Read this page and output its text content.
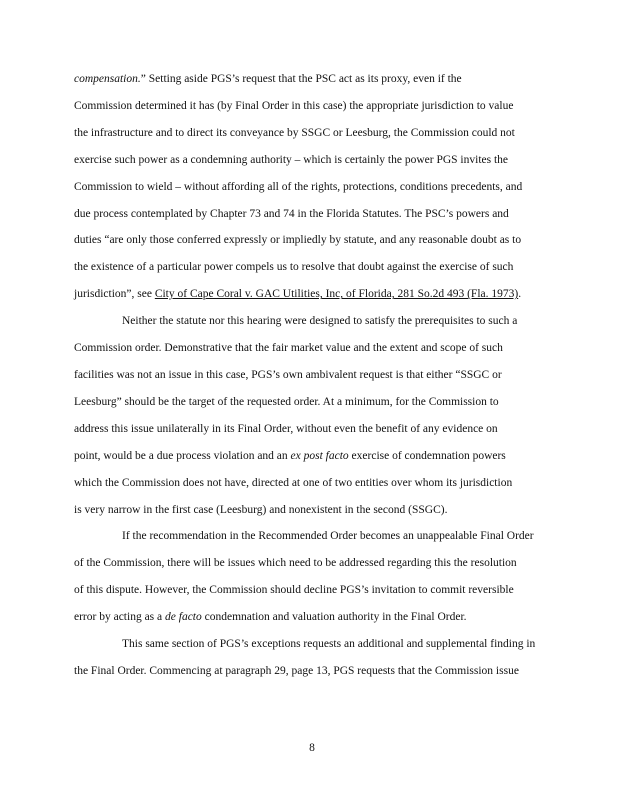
compensation.” Setting aside PGS’s request that the PSC act as its proxy, even if the
Commission determined it has (by Final Order in this case) the appropriate jurisdiction to value
the infrastructure and to direct its conveyance by SSGC or Leesburg, the Commission could not
exercise such power as a condemning authority – which is certainly the power PGS invites the
Commission to wield – without affording all of the rights, protections, conditions precedents, and
due process contemplated by Chapter 73 and 74 in the Florida Statutes. The PSC’s powers and
duties “are only those conferred expressly or impliedly by statute, and any reasonable doubt as to
the existence of a particular power compels us to resolve that doubt against the exercise of such
jurisdiction”, see City of Cape Coral v. GAC Utilities, Inc, of Florida, 281 So.2d 493 (Fla. 1973).
Neither the statute nor this hearing were designed to satisfy the prerequisites to such a
Commission order. Demonstrative that the fair market value and the extent and scope of such
facilities was not an issue in this case, PGS’s own ambivalent request is that either “SSGC or
Leesburg” should be the target of the requested order. At a minimum, for the Commission to
address this issue unilaterally in its Final Order, without even the benefit of any evidence on
point, would be a due process violation and an ex post facto exercise of condemnation powers
which the Commission does not have, directed at one of two entities over whom its jurisdiction
is very narrow in the first case (Leesburg) and nonexistent in the second (SSGC).
If the recommendation in the Recommended Order becomes an unappealable Final Order
of the Commission, there will be issues which need to be addressed regarding this the resolution
of this dispute. However, the Commission should decline PGS’s invitation to commit reversible
error by acting as a de facto condemnation and valuation authority in the Final Order.
This same section of PGS’s exceptions requests an additional and supplemental finding in
the Final Order. Commencing at paragraph 29, page 13, PGS requests that the Commission issue
8
